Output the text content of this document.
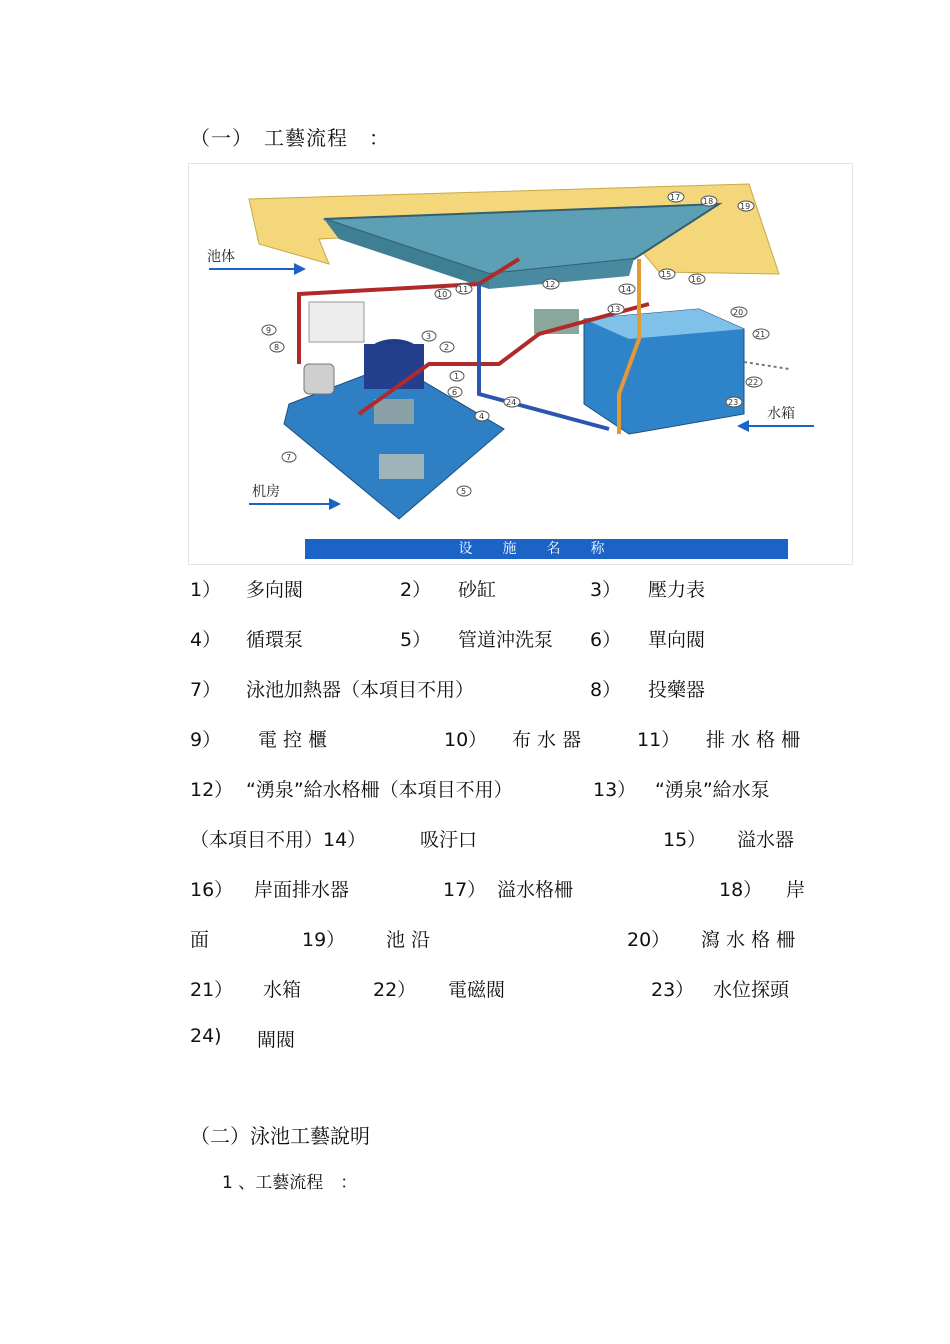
（一）　工藝流程　：
池体
水箱
机房
1
2
3
4
5
6
7
8
9
10
11
12
13
14
15
16
17	18
19
20
21
22
23
24
设施名称
1） 多向閥	2） 砂缸	3） 壓力表
4） 循環泵	5） 管道沖洗泵 6） 單向閥
7） 泳池加熱器（本項目不用）	8） 投藥器
9） 電 控 櫃	10） 布 水 器	11） 排 水 格 柵
12） “湧泉”給水格柵（本項目不用）	13） “湧泉”給水泵
（本項目不用）14）	吸汙口	15） 溢水器
16） 岸面排水器	17） 溢水格柵	18） 岸
面	19） 池 沿	20） 瀉 水 格 柵
21） 水箱	22） 電磁閥	23） 水位探頭
24) 閘閥
（二）泳池工藝說明
1 、工藝流程　：
